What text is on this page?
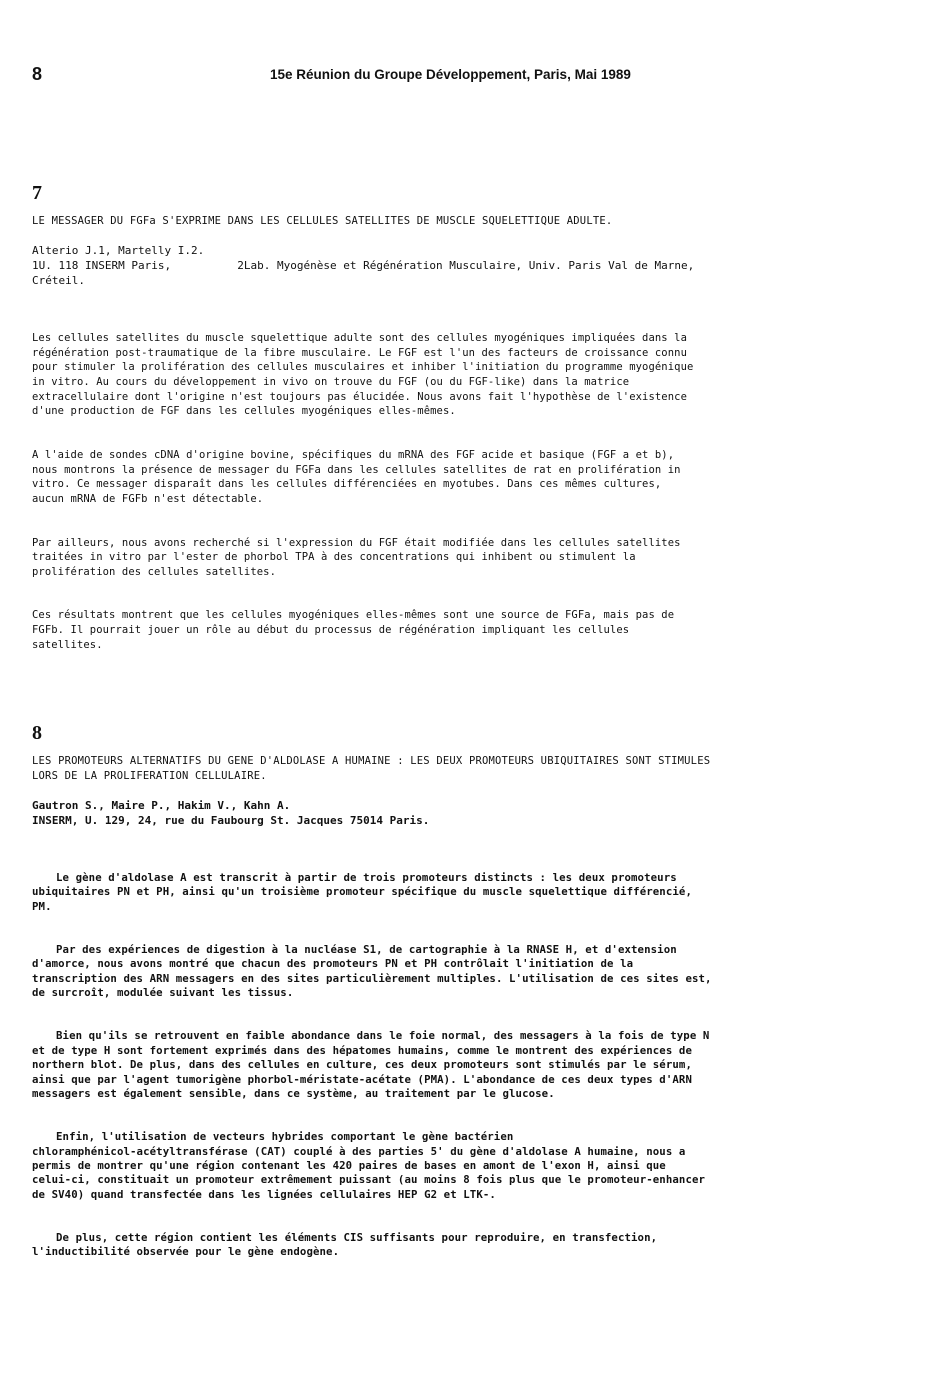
8	15e Réunion du Groupe Développement, Paris, Mai 1989
7
LE MESSAGER DU FGFa S'EXPRIME DANS LES CELLULES SATELLITES DE MUSCLE SQUELETTIQUE ADULTE.
Alterio J.1, Martelly I.2.
1U. 118 INSERM Paris,          2Lab. Myogénèse et Régénération Musculaire, Univ. Paris Val de Marne,
Créteil.

Les cellules satellites du muscle squelettique adulte sont des cellules myogéniques impliquées dans la
régénération post-traumatique de la fibre musculaire. Le FGF est l'un des facteurs de croissance connu
pour stimuler la prolifération des cellules musculaires et inhiber l'initiation du programme myogénique
in vitro. Au cours du développement in vivo on trouve du FGF (ou du FGF-like) dans la matrice
extracellulaire dont l'origine n'est toujours pas élucidée. Nous avons fait l'hypothèse de l'existence
d'une production de FGF dans les cellules myogéniques elles-mêmes.

A l'aide de sondes cDNA d'origine bovine, spécifiques du mRNA des FGF acide et basique (FGF a et b),
nous montrons la présence de messager du FGFa dans les cellules satellites de rat en prolifération in
vitro. Ce messager disparaît dans les cellules différenciées en myotubes. Dans ces mêmes cultures,
aucun mRNA de FGFb n'est détectable.

Par ailleurs, nous avons recherché si l'expression du FGF était modifiée dans les cellules satellites
traitées in vitro par l'ester de phorbol TPA à des concentrations qui inhibent ou stimulent la
prolifération des cellules satellites.

Ces résultats montrent que les cellules myogéniques elles-mêmes sont une source de FGFa, mais pas de
FGFb. Il pourrait jouer un rôle au début du processus de régénération impliquant les cellules
satellites.

8
LES PROMOTEURS ALTERNATIFS DU GENE D'ALDOLASE A HUMAINE : LES DEUX PROMOTEURS UBIQUITAIRES SONT STIMULES
LORS DE LA PROLIFERATION CELLULAIRE.
Gautron S., Maire P., Hakim V., Kahn A.
INSERM, U. 129, 24, rue du Faubourg St. Jacques 75014 Paris.

Le gène d'aldolase A est transcrit à partir de trois promoteurs distincts : les deux promoteurs
ubiquitaires PN et PH, ainsi qu'un troisième promoteur spécifique du muscle squelettique différencié,
PM.

Par des expériences de digestion à la nucléase S1, de cartographie à la RNASE H, et d'extension
d'amorce, nous avons montré que chacun des promoteurs PN et PH contrôlait l'initiation de la
transcription des ARN messagers en des sites particulièrement multiples. L'utilisation de ces sites est,
de surcroît, modulée suivant les tissus.

Bien qu'ils se retrouvent en faible abondance dans le foie normal, des messagers à la fois de type N
et de type H sont fortement exprimés dans des hépatomes humains, comme le montrent des expériences de
northern blot. De plus, dans des cellules en culture, ces deux promoteurs sont stimulés par le sérum,
ainsi que par l'agent tumorigène phorbol-méristate-acétate (PMA). L'abondance de ces deux types d'ARN
messagers est également sensible, dans ce système, au traitement par le glucose.

Enfin, l'utilisation de vecteurs hybrides comportant le gène bactérien
chloramphénicol-acétyltransférase (CAT) couplé à des parties 5' du gène d'aldolase A humaine, nous a
permis de montrer qu'une région contenant les 420 paires de bases en amont de l'exon H, ainsi que
celui-ci, constituait un promoteur extrêmement puissant (au moins 8 fois plus que le promoteur-enhancer
de SV40) quand transfectée dans les lignées cellulaires HEP G2 et LTK-.

De plus, cette région contient les éléments CIS suffisants pour reproduire, en transfection,
l'inductibilité observée pour le gène endogène.
